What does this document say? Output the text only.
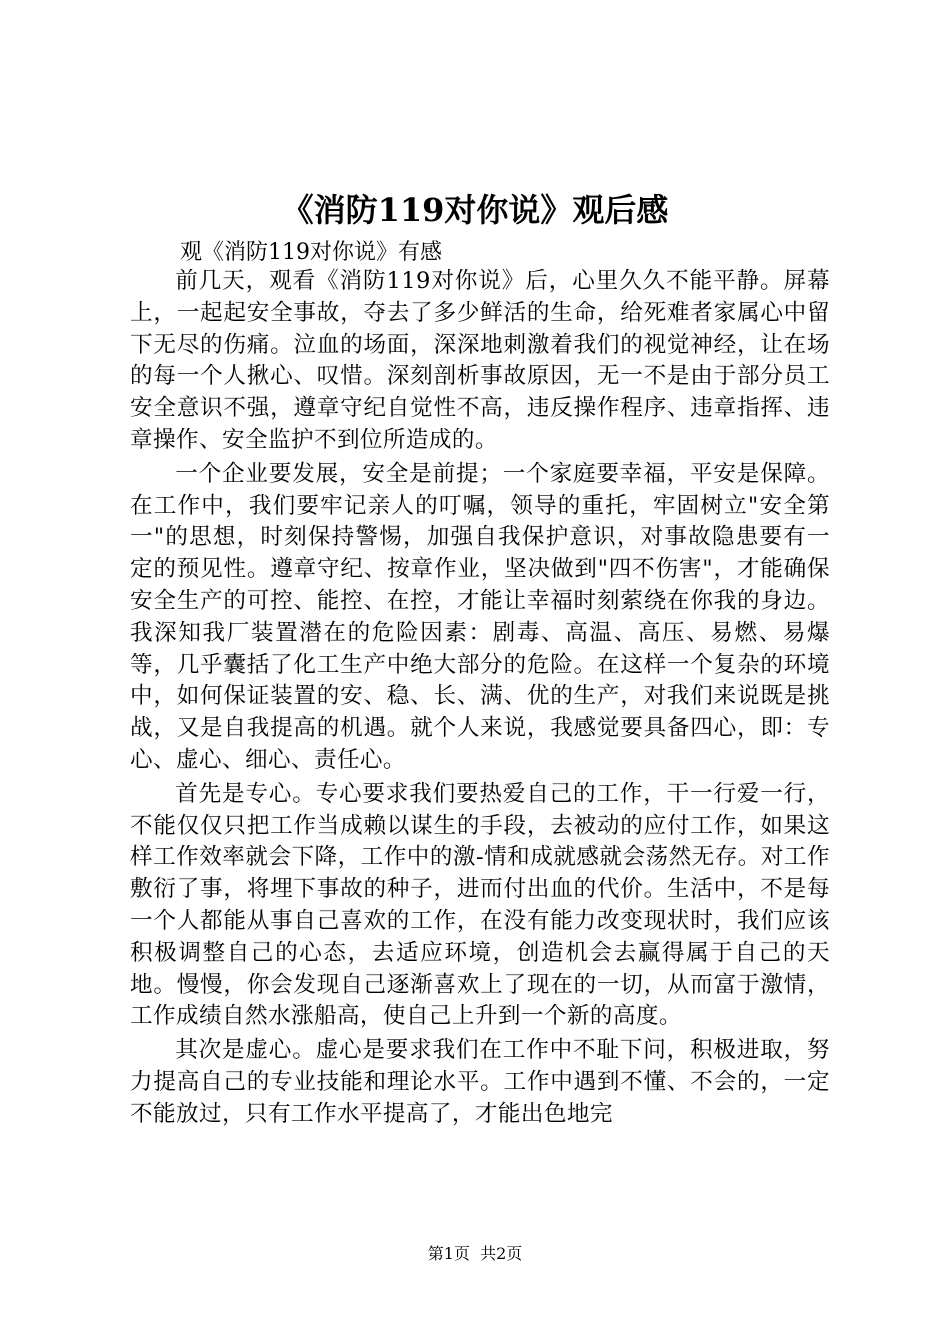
《消防119对你说》观后感
观《消防119对你说》有感

前几天，观看《消防119对你说》后，心里久久不能平静。屏幕上，一起起安全事故，夺去了多少鲜活的生命，给死难者家属心中留下无尽的伤痛。泣血的场面，深深地刺激着我们的视觉神经，让在场的每一个人揪心、叹惜。深刻剖析事故原因，无一不是由于部分员工安全意识不强，遵章守纪自觉性不高，违反操作程序、违章指挥、违章操作、安全监护不到位所造成的。

一个企业要发展，安全是前提；一个家庭要幸福，平安是保障。在工作中，我们要牢记亲人的叮嘱，领导的重托，牢固树立"安全第一"的思想，时刻保持警惕，加强自我保护意识，对事故隐患要有一定的预见性。遵章守纪、按章作业，坚决做到"四不伤害"，才能确保安全生产的可控、能控、在控，才能让幸福时刻萦绕在你我的身边。我深知我厂装置潜在的危险因素：剧毒、高温、高压、易燃、易爆等，几乎囊括了化工生产中绝大部分的危险。在这样一个复杂的环境中，如何保证装置的安、稳、长、满、优的生产，对我们来说既是挑战，又是自我提高的机遇。就个人来说，我感觉要具备四心，即：专心、虚心、细心、责任心。

首先是专心。专心要求我们要热爱自己的工作，干一行爱一行，不能仅仅只把工作当成赖以谋生的手段，去被动的应付工作，如果这样工作效率就会下降，工作中的激-情和成就感就会荡然无存。对工作敷衍了事，将埋下事故的种子，进而付出血的代价。生活中，不是每一个人都能从事自己喜欢的工作，在没有能力改变现状时，我们应该积极调整自己的心态，去适应环境，创造机会去赢得属于自己的天地。慢慢，你会发现自己逐渐喜欢上了现在的一切，从而富于激情，工作成绩自然水涨船高，使自己上升到一个新的高度。

其次是虚心。虚心是要求我们在工作中不耻下问，积极进取，努力提高自己的专业技能和理论水平。工作中遇到不懂、不会的，一定不能放过，只有工作水平提高了，才能出色地完

第1页  共2页
